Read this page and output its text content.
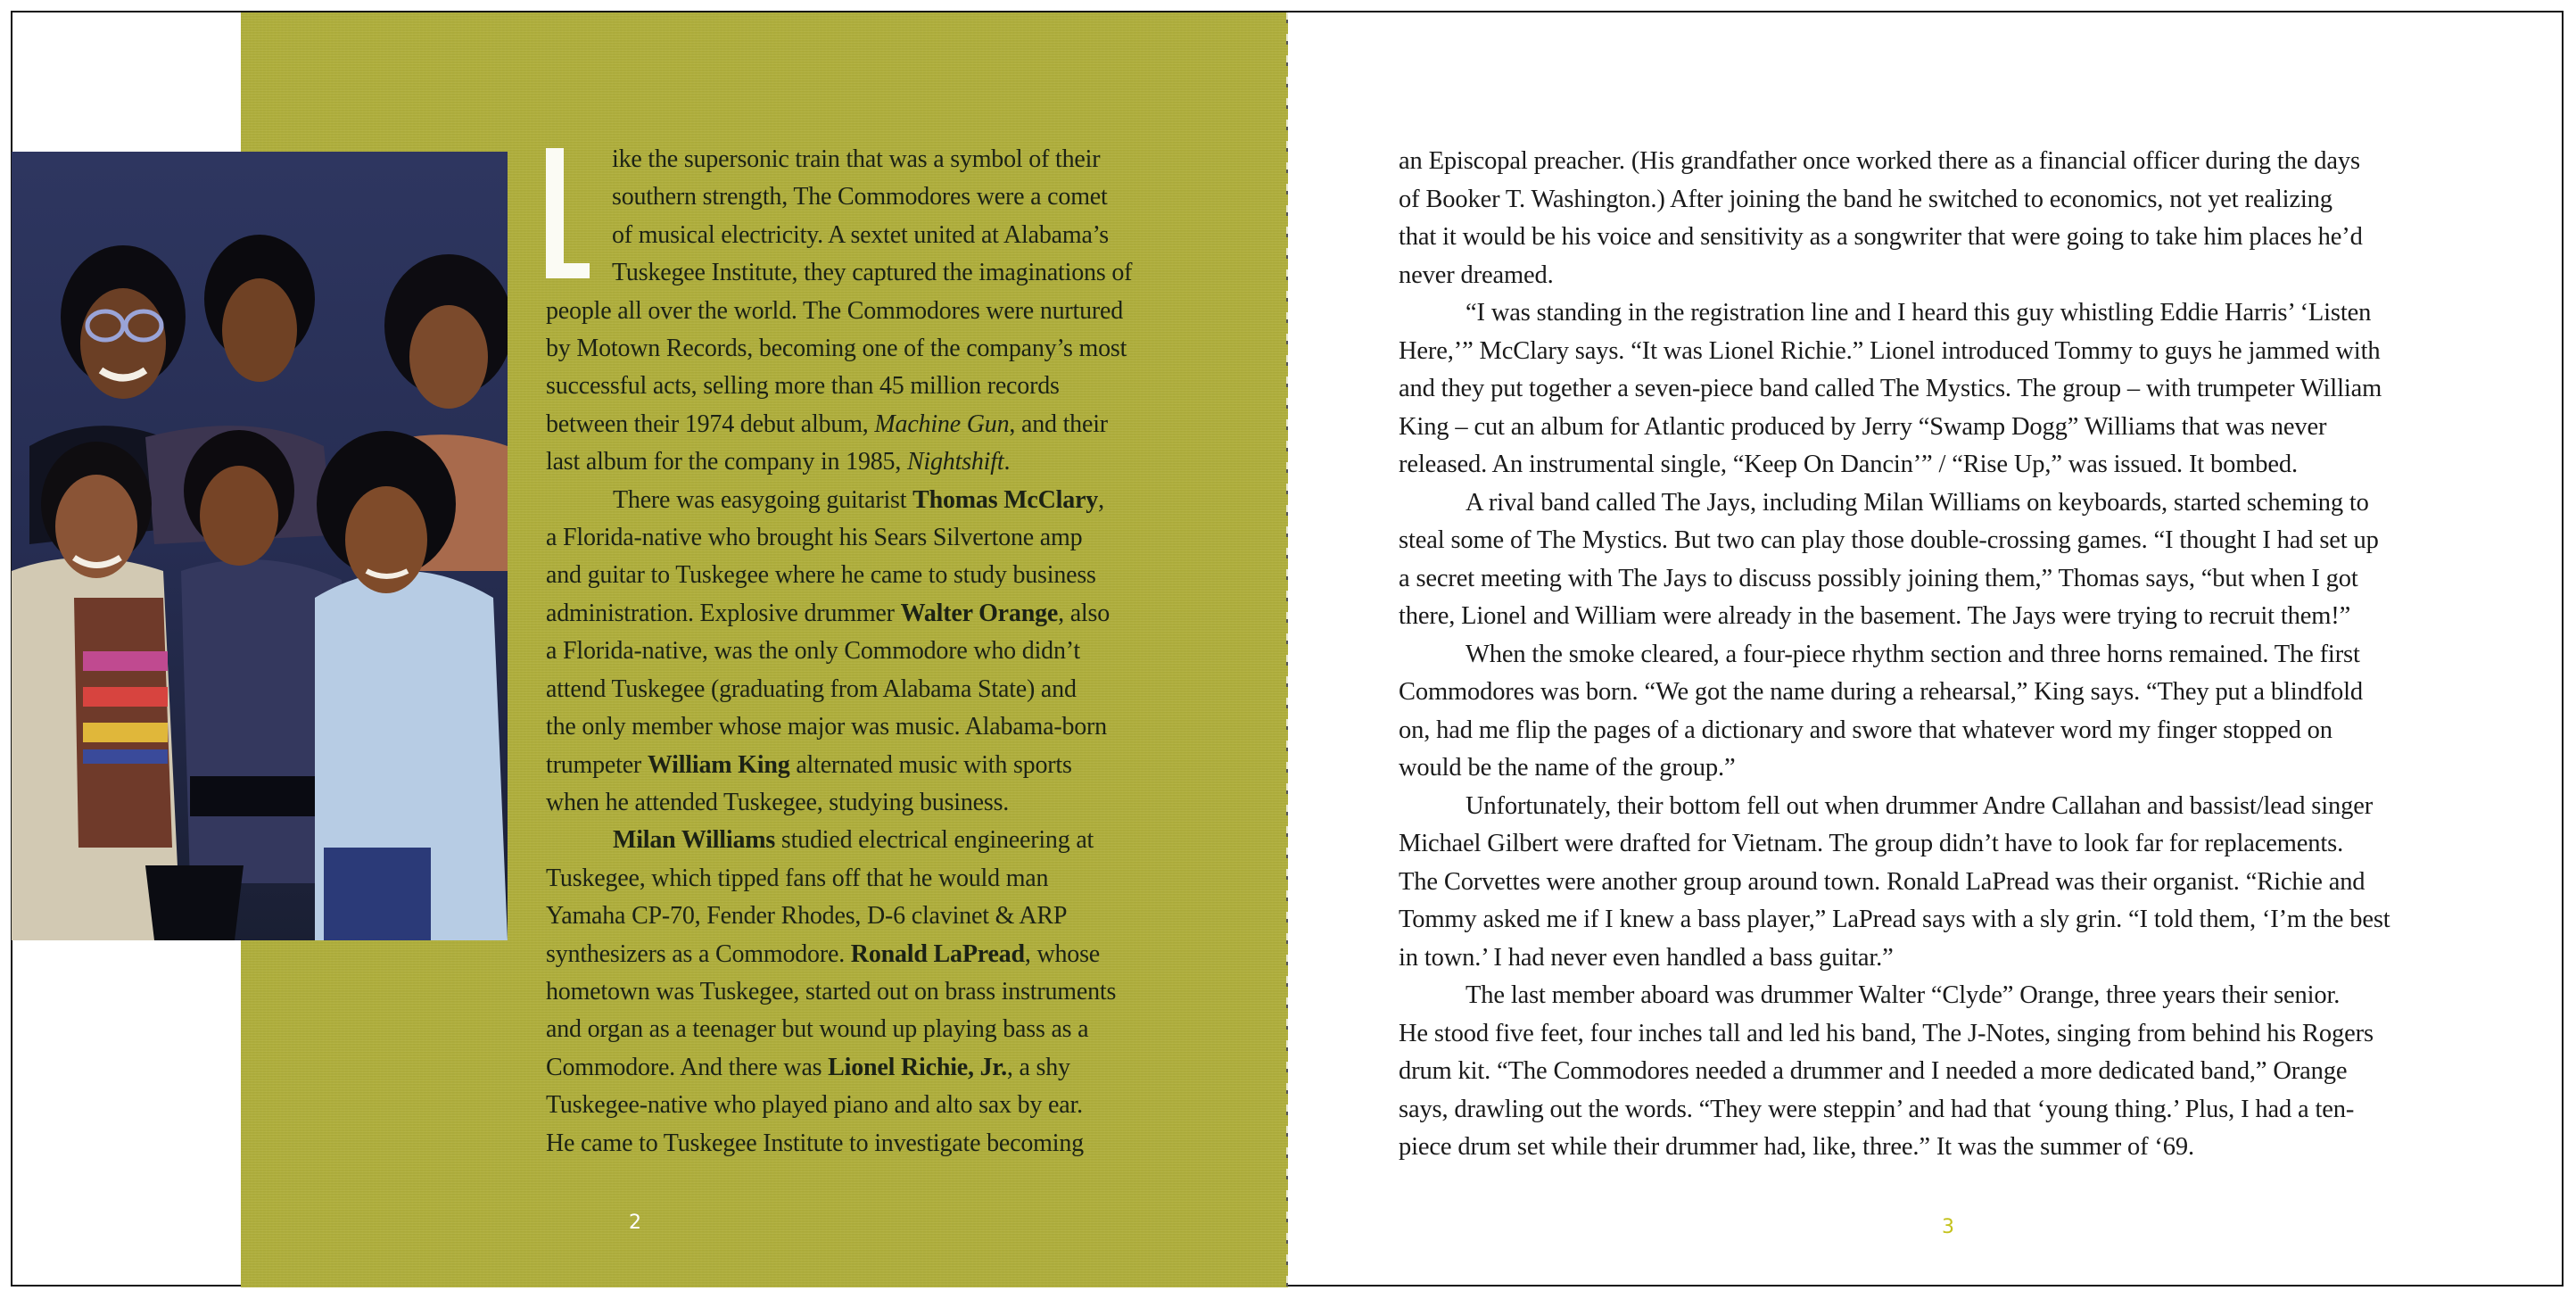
ike the supersonic train that was a symbol of their
southern strength, The Commodores were a comet
of musical electricity. A sextet united at Alabama’s
Tuskegee Institute, they captured the imaginations of
people all over the world. The Commodores were nurtured
by Motown Records, becoming one of the company’s most
successful acts, selling more than 45 million records
between their 1974 debut album, Machine Gun, and their
last album for the company in 1985, Nightshift.

There was easygoing guitarist Thomas McClary,
a Florida-native who brought his Sears Silvertone amp
and guitar to Tuskegee where he came to study business
administration. Explosive drummer Walter Orange, also
a Florida-native, was the only Commodore who didn’t
attend Tuskegee (graduating from Alabama State) and
the only member whose major was music. Alabama-born
trumpeter William King alternated music with sports
when he attended Tuskegee, studying business.

Milan Williams studied electrical engineering at
Tuskegee, which tipped fans off that he would man
Yamaha CP-70, Fender Rhodes, D-6 clavinet & ARP
synthesizers as a Commodore. Ronald LaPread, whose
hometown was Tuskegee, started out on brass instruments
and organ as a teenager but wound up playing bass as a
Commodore. And there was Lionel Richie, Jr., a shy
Tuskegee-native who played piano and alto sax by ear.
He came to Tuskegee Institute to investigate becoming

2
an Episcopal preacher. (His grandfather once worked there as a financial officer during the days
of Booker T. Washington.) After joining the band he switched to economics, not yet realizing
that it would be his voice and sensitivity as a songwriter that were going to take him places he’d
never dreamed.
“I was standing in the registration line and I heard this guy whistling Eddie Harris’ ‘Listen
Here,’” McClary says. “It was Lionel Richie.” Lionel introduced Tommy to guys he jammed with
and they put together a seven-piece band called The Mystics. The group – with trumpeter William
King – cut an album for Atlantic produced by Jerry “Swamp Dogg” Williams that was never
released. An instrumental single, “Keep On Dancin’” / “Rise Up,” was issued. It bombed.
A rival band called The Jays, including Milan Williams on keyboards, started scheming to
steal some of The Mystics. But two can play those double-crossing games. “I thought I had set up
a secret meeting with The Jays to discuss possibly joining them,” Thomas says, “but when I got
there, Lionel and William were already in the basement. The Jays were trying to recruit them!”
When the smoke cleared, a four-piece rhythm section and three horns remained. The first
Commodores was born. “We got the name during a rehearsal,” King says. “They put a blindfold
on, had me flip the pages of a dictionary and swore that whatever word my finger stopped on
would be the name of the group.”
Unfortunately, their bottom fell out when drummer Andre Callahan and bassist/lead singer
Michael Gilbert were drafted for Vietnam. The group didn’t have to look far for replacements.
The Corvettes were another group around town. Ronald LaPread was their organist. “Richie and
Tommy asked me if I knew a bass player,” LaPread says with a sly grin. “I told them, ‘I’m the best
in town.’ I had never even handled a bass guitar.”
The last member aboard was drummer Walter “Clyde” Orange, three years their senior.
He stood five feet, four inches tall and led his band, The J-Notes, singing from behind his Rogers
drum kit. “The Commodores needed a drummer and I needed a more dedicated band,” Orange
says, drawling out the words. “They were steppin’ and had that ‘young thing.’ Plus, I had a ten-
piece drum set while their drummer had, like, three.” It was the summer of ‘69.
3
